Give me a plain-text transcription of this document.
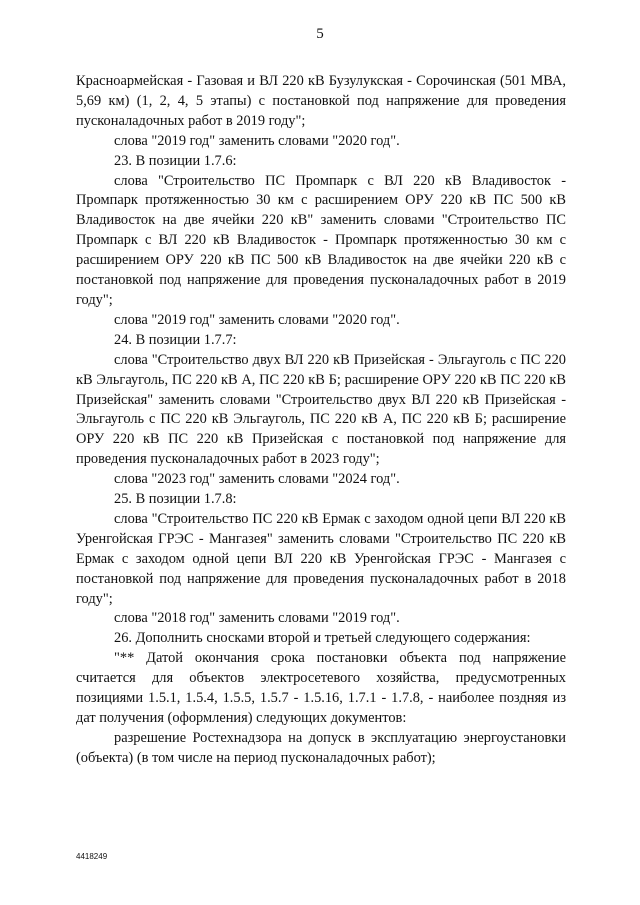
5

Красноармейская - Газовая и ВЛ 220 кВ Бузулукская - Сорочинская (501 МВА, 5,69 км) (1, 2, 4, 5 этапы) с постановкой под напряжение для проведения пусконаладочных работ в 2019 году";

слова "2019 год" заменить словами "2020 год".

23. В позиции 1.7.6:

слова "Строительство ПС Промпарк с ВЛ 220 кВ Владивосток - Промпарк протяженностью 30 км с расширением ОРУ 220 кВ ПС 500 кВ Владивосток на две ячейки 220 кВ" заменить словами "Строительство ПС Промпарк с ВЛ 220 кВ Владивосток - Промпарк протяженностью 30 км с расширением ОРУ 220 кВ ПС 500 кВ Владивосток на две ячейки 220 кВ с постановкой под напряжение для проведения пусконаладочных работ в 2019 году";

слова "2019 год" заменить словами "2020 год".

24. В позиции 1.7.7:

слова "Строительство двух ВЛ 220 кВ Призейская - Эльгауголь с ПС 220 кВ Эльгауголь, ПС 220 кВ А, ПС 220 кВ Б; расширение ОРУ 220 кВ ПС 220 кВ Призейская" заменить словами "Строительство двух ВЛ 220 кВ Призейская - Эльгауголь с ПС 220 кВ Эльгауголь, ПС 220 кВ А, ПС 220 кВ Б; расширение ОРУ 220 кВ ПС 220 кВ Призейская с постановкой под напряжение для проведения пусконаладочных работ в 2023 году";

слова "2023 год" заменить словами "2024 год".

25. В позиции 1.7.8:

слова "Строительство ПС 220 кВ Ермак с заходом одной цепи ВЛ 220 кВ Уренгойская ГРЭС - Мангазея" заменить словами "Строительство ПС 220 кВ Ермак с заходом одной цепи ВЛ 220 кВ Уренгойская ГРЭС - Мангазея с постановкой под напряжение для проведения пусконаладочных работ в 2018 году";

слова "2018 год" заменить словами "2019 год".

26. Дополнить сносками второй и третьей следующего содержания:

"** Датой окончания срока постановки объекта под напряжение считается для объектов электросетевого хозяйства, предусмотренных позициями 1.5.1, 1.5.4, 1.5.5, 1.5.7 - 1.5.16, 1.7.1 - 1.7.8, - наиболее поздняя из дат получения (оформления) следующих документов:

разрешение Ростехнадзора на допуск в эксплуатацию энергоустановки (объекта) (в том числе на период пусконаладочных работ);

4418249
